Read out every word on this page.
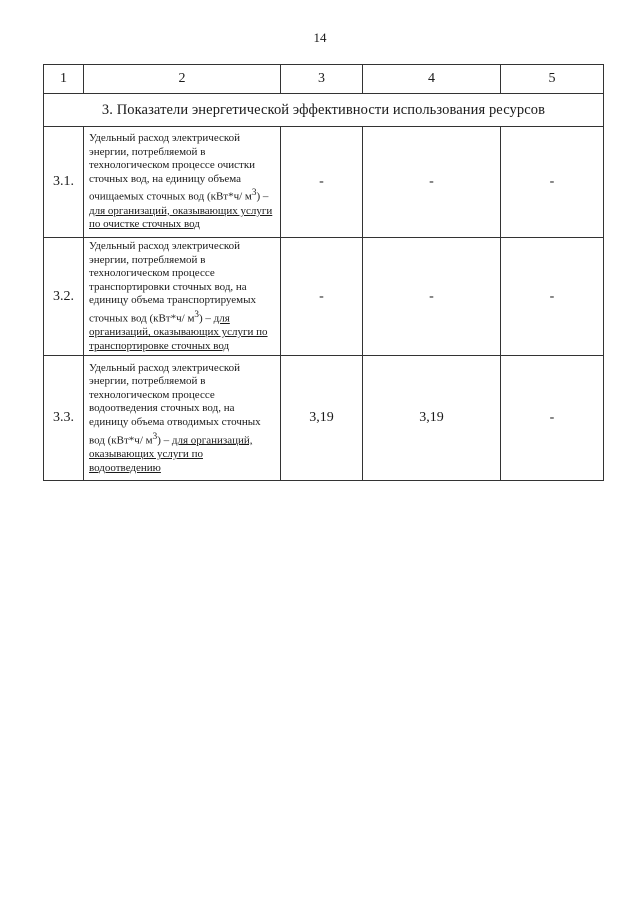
14
1	2	3	4	5
3. Показатели энергетической эффективности использования ресурсов				
3.1.	Удельный расход электрической энергии, потребляемой в технологическом процессе очистки сточных вод, на единицу объема очищаемых сточных вод (кВт*ч/ $м^3$) – для организаций, оказывающих услуги по очистке сточных вод	-	-	-
3.2.	Удельный расход электрической энергии, потребляемой в технологическом процессе транспортировки сточных вод, на единицу объема транспортируемых сточных вод (кВт*ч/ $м^3$) – для организаций, оказывающих услуги по транспортировке сточных вод	-	-	-
3.3.	Удельный расход электрической энергии, потребляемой в технологическом процессе водоотведения сточных вод, на единицу объема отводимых сточных вод (кВт*ч/ $м^3$) – для организаций, оказывающих услуги по водоотведению	3,19	3,19	-
